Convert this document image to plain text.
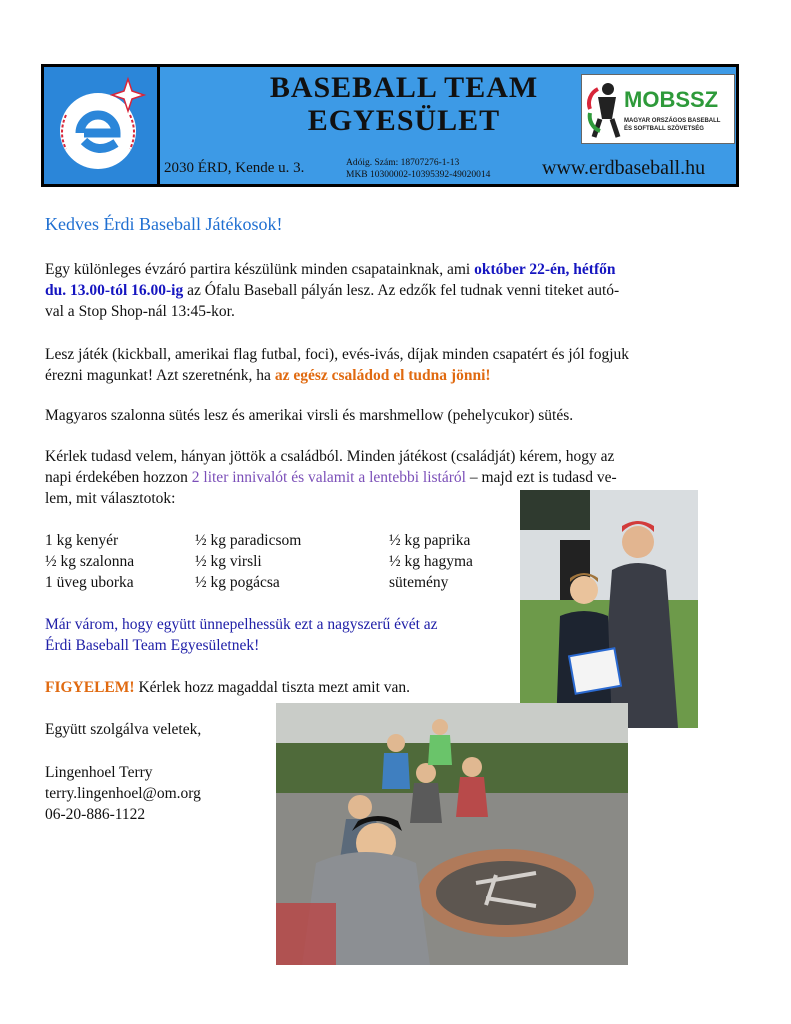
BASEBALL TEAM
EGYESÜLET
MOBSSZ
MAGYAR ORSZÁGOS BASEBALL
ÉS SOFTBALL SZÖVETSÉG
2030 ÉRD, Kende u. 3.	Adóig. Szám: 18707276-1-13
MKB 10300002-10395392-49020014	www.erdbaseball.hu
Kedves Érdi Baseball Játékosok!
Egy különleges évzáró partira készülünk minden csapatainknak, ami október 22-én, hétfőn
du. 13.00-tól 16.00-ig az Ófalu Baseball pályán lesz. Az edzők fel tudnak venni titeket autó-
val a Stop Shop-nál 13:45-kor.
Lesz játék (kickball, amerikai flag futbal, foci), evés-ivás, díjak minden csapatért és jól fogjuk
érezni magunkat! Azt szeretnénk, ha az egész családod el tudna jönni!
Magyaros szalonna sütés lesz és amerikai virsli és marshmellow (pehelycukor) sütés.
Kérlek tudasd velem, hányan jöttök a családból. Minden játékost (családját) kérem, hogy az
napi érdekében hozzon 2 liter innivalót és valamit a lentebbi listáról – majd ezt is tudasd ve-
lem, mit választotok:
1 kg kenyér
½ kg szalonna
1 üveg uborka
½ kg paradicsom
½ kg virsli
½ kg pogácsa
½ kg paprika
½ kg hagyma
sütemény
Már várom, hogy együtt ünnepelhessük ezt a nagyszerű évét az
Érdi Baseball Team Egyesületnek!
FIGYELEM! Kérlek hozz magaddal tiszta mezt amit van.
Együtt szolgálva veletek,
Lingenhoel Terry
terry.lingenhoel@om.org
06-20-886-1122
